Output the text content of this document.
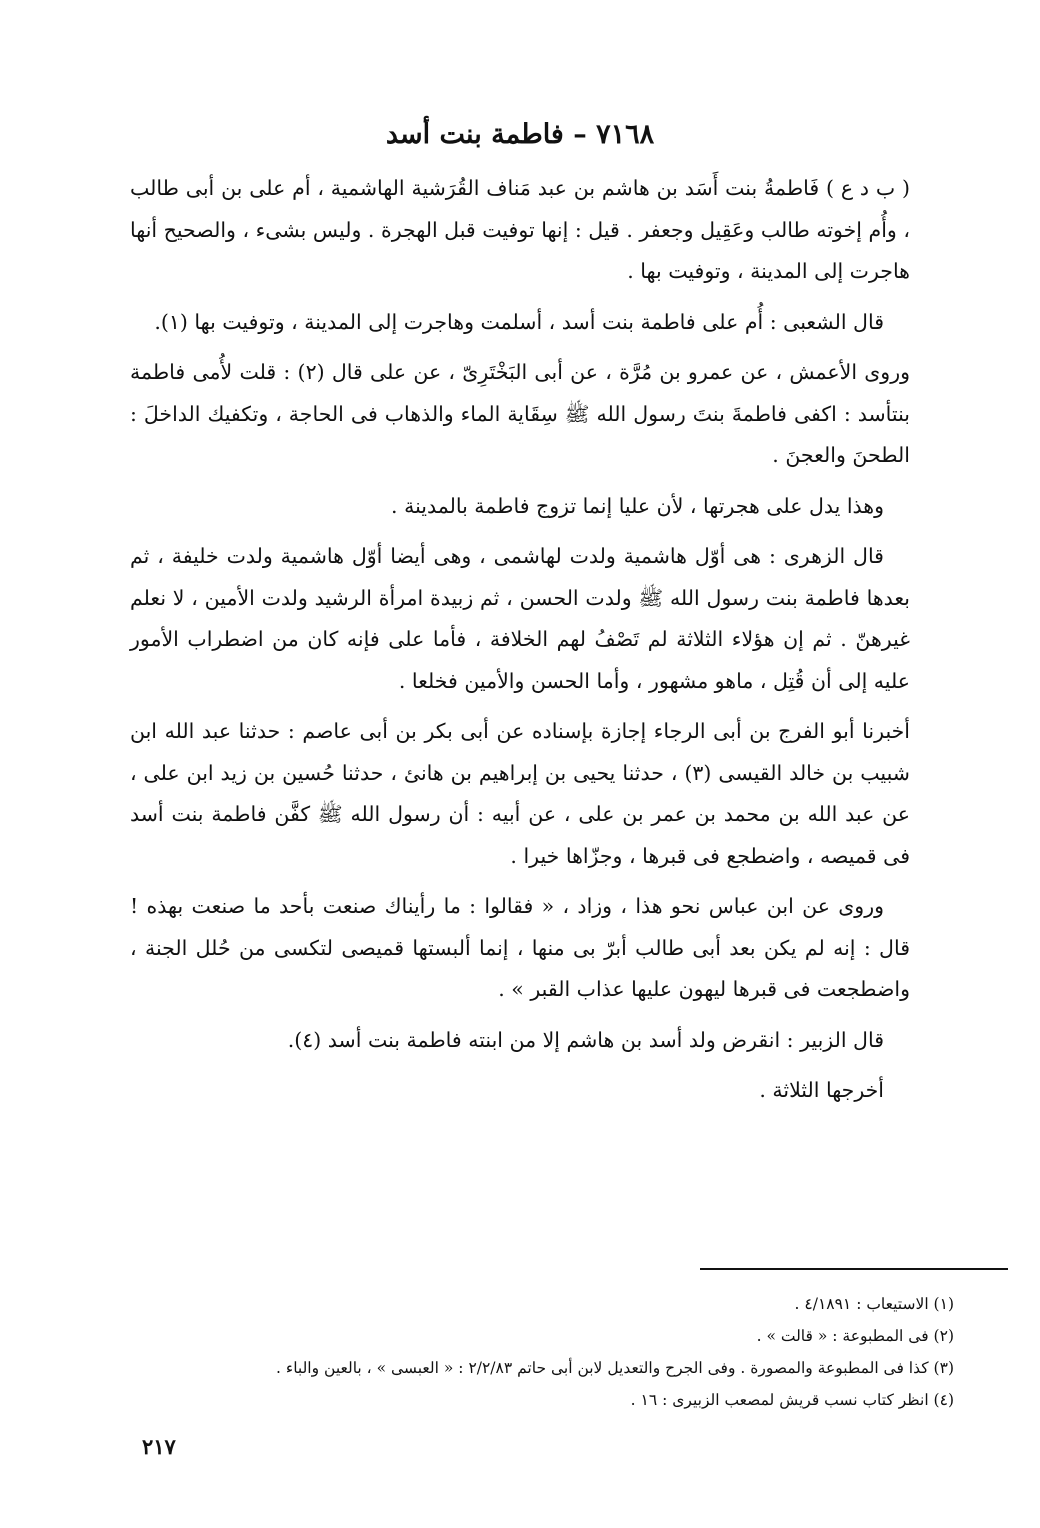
٧١٦٨ – فاطمة بنت أسد

( ب د ع ) فَاطمةُ بنت أَسَد بن هاشم بن عبد مَناف القُرَشية الهاشمية ، أم على بن أبى طالب ، وأُم إخوته طالب وعَقِيل وجعفر . قيل : إنها توفيت قبل الهجرة . وليس بشىء ، والصحيح أنها هاجرت إلى المدينة ، وتوفيت بها .

قال الشعبى : أُم على فاطمة بنت أسد ، أسلمت وهاجرت إلى المدينة ، وتوفيت بها (١).

وروى الأعمش ، عن عمرو بن مُرَّة ، عن أبى البَخْتَرِىّ ، عن على قال (٢) : قلت لأُمى فاطمة بنتأسد : اكفى فاطمةَ بنتَ رسول الله ﷺ سِقَاية الماء والذهاب فى الحاجة ، وتكفيك الداخلَ : الطحنَ والعجنَ .

وهذا يدل على هجرتها ، لأن عليا إنما تزوج فاطمة بالمدينة .

قال الزهرى : هى أوّل هاشمية ولدت لهاشمى ، وهى أيضا أوّل هاشمية ولدت خليفة ، ثم بعدها فاطمة بنت رسول الله ﷺ ولدت الحسن ، ثم زبيدة امرأة الرشيد ولدت الأمين ، لا نعلم غيرهنّ . ثم إن هؤلاء الثلاثة لم تَصْفُ لهم الخلافة ، فأما على فإنه كان من اضطراب الأمور عليه إلى أن قُتِل ، ماهو مشهور ، وأما الحسن والأمين فخلعا .

أخبرنا أبو الفرج بن أبى الرجاء إجازة بإسناده عن أبى بكر بن أبى عاصم : حدثنا عبد الله ابن شبيب بن خالد القيسى (٣) ، حدثنا يحيى بن إبراهيم بن هانئ ، حدثنا حُسين بن زيد ابن على ، عن عبد الله بن محمد بن عمر بن على ، عن أبيه : أن رسول الله ﷺ كفَّن فاطمة بنت أسد فى قميصه ، واضطجع فى قبرها ، وجزّاها خيرا .

وروى عن ابن عباس نحو هذا ، وزاد ، « فقالوا : ما رأيناك صنعت بأحد ما صنعت بهذه ! قال : إنه لم يكن بعد أبى طالب أبرّ بى منها ، إنما ألبستها قميصى لتكسى من حُلل الجنة ، واضطجعت فى قبرها ليهون عليها عذاب القبر » .

قال الزبير : انقرض ولد أسد بن هاشم إلا من ابنته فاطمة بنت أسد (٤).

أخرجها الثلاثة .

(١) الاستيعاب : ٤/١٨٩١ .

(٢) فى المطبوعة : « قالت » .

(٣) كذا فى المطبوعة والمصورة . وفى الجرح والتعديل لابن أبى حاتم ٢/٢/٨٣ : « العبسى » ، بالعين والباء .

(٤) انظر كتاب نسب قريش لمصعب الزبيرى : ١٦ .

٢١٧
